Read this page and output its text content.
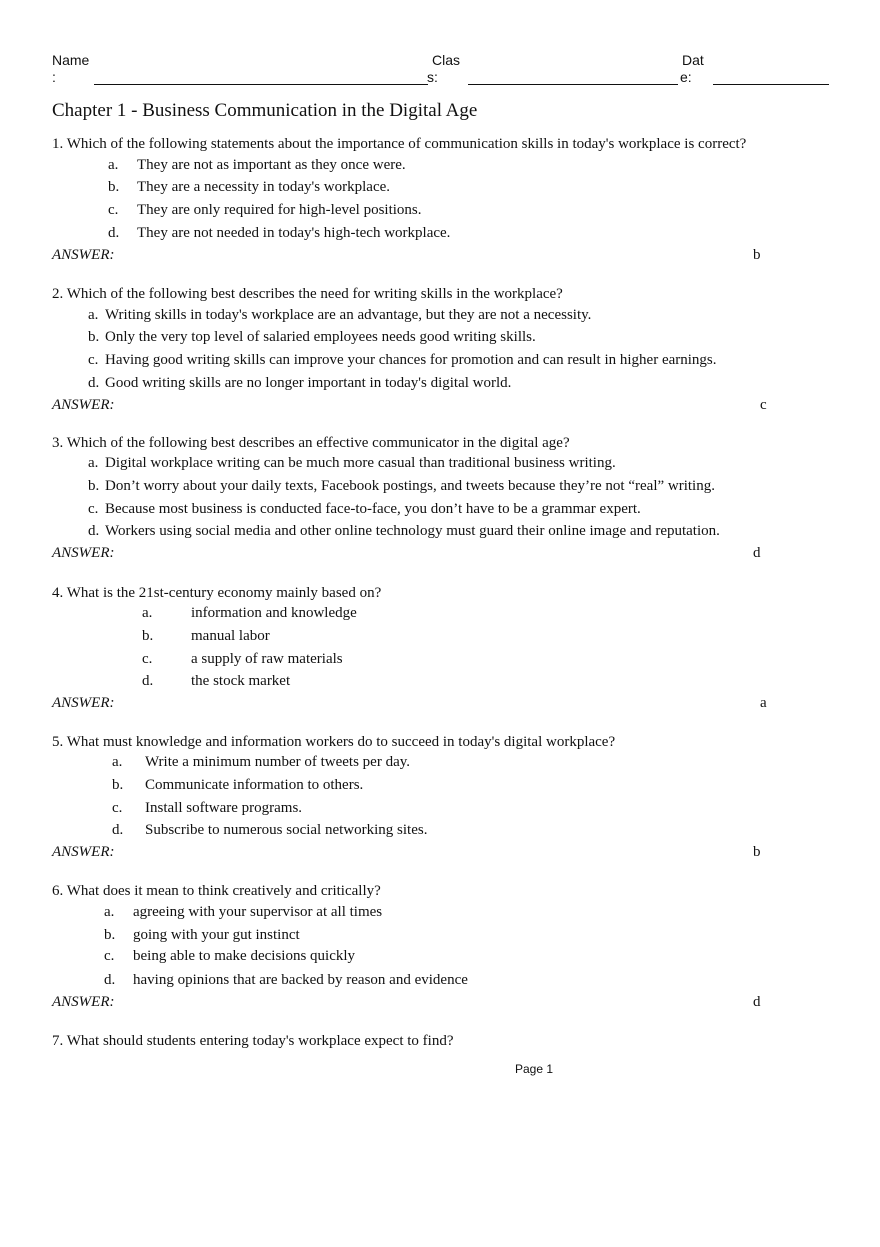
Name
:
Clas
s:
Dat
e:
Chapter 1 - Business Communication in the Digital Age
1. Which of the following statements about the importance of communication skills in today's workplace is correct?
a. They are not as important as they once were.
b. They are a necessity in today's workplace.
c. They are only required for high-level positions.
d. They are not needed in today's high-tech workplace.
ANSWER:	b
2. Which of the following best describes the need for writing skills in the workplace?
a. Writing skills in today's workplace are an advantage, but they are not a necessity.
b. Only the very top level of salaried employees needs good writing skills.
c. Having good writing skills can improve your chances for promotion and can result in higher earnings.
d. Good writing skills are no longer important in today's digital world.
ANSWER:	c
3. Which of the following best describes an effective communicator in the digital age?
a. Digital workplace writing can be much more casual than traditional business writing.
b. Don’t worry about your daily texts, Facebook postings, and tweets because they’re not “real” writing.
c. Because most business is conducted face-to-face, you don’t have to be a grammar expert.
d. Workers using social media and other online technology must guard their online image and reputation.
ANSWER:	d
4. What is the 21st-century economy mainly based on?
a.	information and knowledge
b.	manual labor
c.	a supply of raw materials
d.	the stock market
ANSWER:	a
5. What must knowledge and information workers do to succeed in today's digital workplace?
a. Write a minimum number of tweets per day.
b. Communicate information to others.
c. Install software programs.
d. Subscribe to numerous social networking sites.
ANSWER:	b
6. What does it mean to think creatively and critically?
a. agreeing with your supervisor at all times
b. going with your gut instinct
c. being able to make decisions quickly
d. having opinions that are backed by reason and evidence
ANSWER:	d
7. What should students entering today's workplace expect to find?
Page 1
